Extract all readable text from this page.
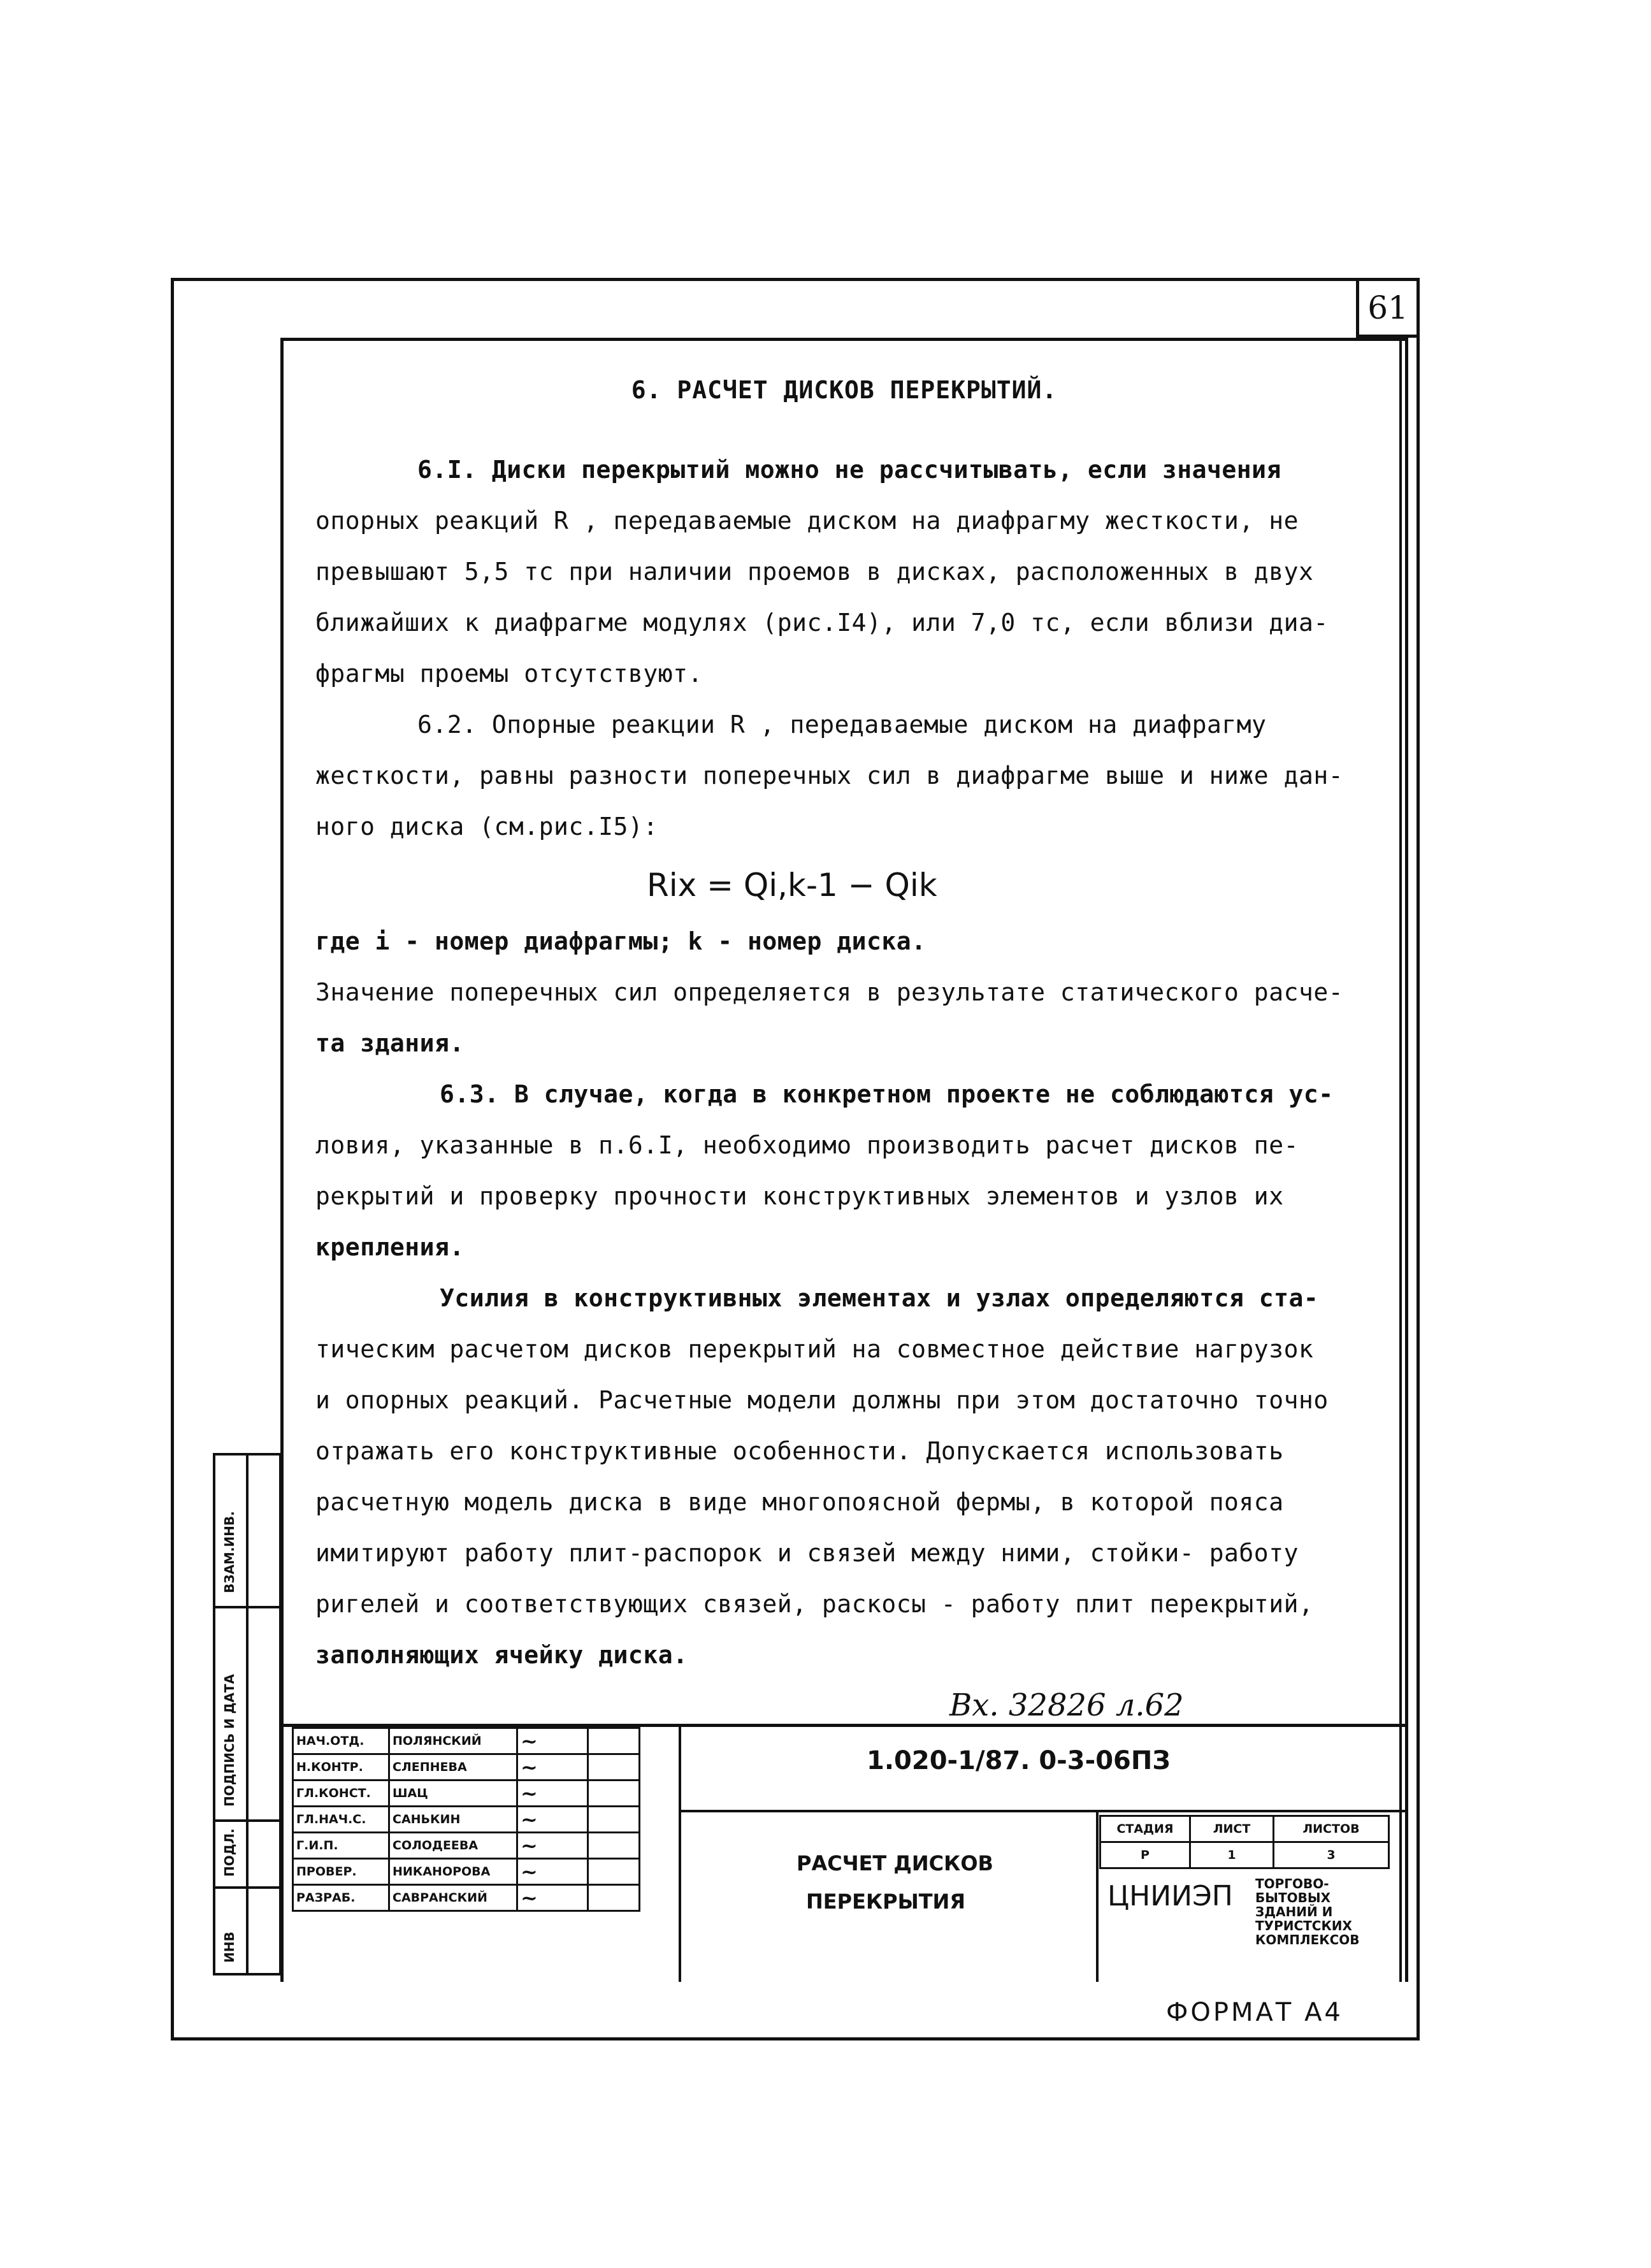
61
6. РАСЧЕТ ДИСКОВ ПЕРЕКРЫТИЙ.
6.I. Диски перекрытий можно не рассчитывать, если значения
опорных реакций R , передаваемые диском на диафрагму жесткости, не
превышают 5,5 тс при наличии проемов в дисках, расположенных в двух
ближайших к диафрагме модулях (рис.I4), или 7,0 тс, если вблизи диа-
фрагмы проемы отсутствуют.
6.2. Опорные реакции R , передаваемые диском на диафрагму
жесткости, равны разности поперечных сил в диафрагме выше и ниже дан-
ного диска (см.рис.I5):
Rix = Qi,k-1 − Qik
где i - номер диафрагмы; k - номер диска.
Значение поперечных сил определяется в результате статического расче-
та здания.
6.3. В случае, когда в конкретном проекте не соблюдаются ус-
ловия, указанные в п.6.I, необходимо производить расчет дисков пе-
рекрытий и проверку прочности конструктивных элементов и узлов их
крепления.
Усилия в конструктивных элементах и узлах определяются ста-
тическим расчетом дисков перекрытий на совместное действие нагрузок
и опорных реакций. Расчетные модели должны при этом достаточно точно
отражать его конструктивные особенности. Допускается использовать
расчетную модель диска в виде многопоясной фермы, в которой пояса
имитируют работу плит-распорок и связей между ними, стойки- работу
ригелей и соответствующих связей, раскосы - работу плит перекрытий,
заполняющих ячейку диска.
Вх. 32826 л.62
ВЗАМ.ИНВ.
ПОДПИСЬ И ДАТА
ПОДЛ.
ИНВ
НАЧ.ОТД.	ПОЛЯНСКИЙ	~	
Н.КОНТР.	СЛЕПНЕВА	~	
ГЛ.КОНСТ.	ШАЦ	~	
ГЛ.НАЧ.С.	САНЬКИН	~	
Г.И.П.	СОЛОДЕЕВА	~	
ПРОВЕР.	НИКАНОРОВА	~	
РАЗРАБ.	САВРАНСКИЙ	~	
1.020-1/87. 0-3-06ПЗ
РАСЧЕТ ДИСКОВ
ПЕРЕКРЫТИЯ
СТАДИЯ	ЛИСТ	ЛИСТОВ
Р	1	3
ЦНИИЭП ТОРГОВО-
БЫТОВЫХ
ЗДАНИЙ И
ТУРИСТСКИХ
КОМПЛЕКСОВ
ФОРМАТ А4
